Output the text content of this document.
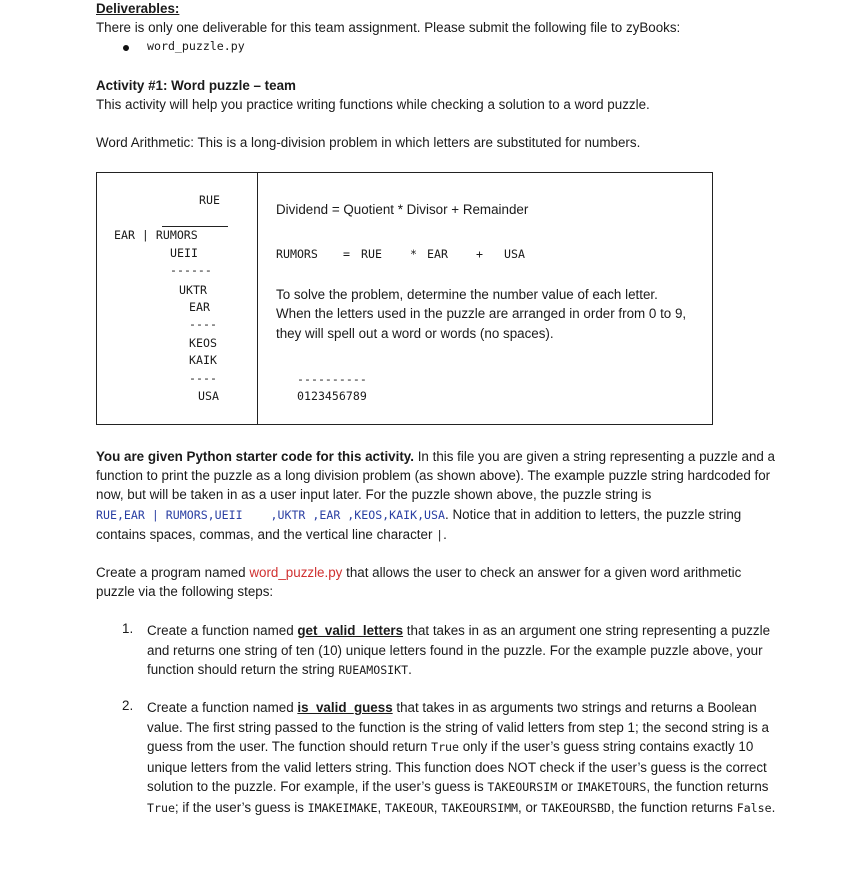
Deliverables:
There is only one deliverable for this team assignment. Please submit the following file to zyBooks:
word_puzzle.py
Activity #1: Word puzzle – team
This activity will help you practice writing functions while checking a solution to a word puzzle.
Word Arithmetic: This is a long-division problem in which letters are substituted for numbers.
RUE
EAR | RUMORS
UEII
------
UKTR
EAR
----
KEOS
KAIK
----
USA
Dividend = Quotient * Divisor + Remainder
RUMORS = RUE * EAR + USA
To solve the problem, determine the number value of each letter. When the letters used in the puzzle are arranged in order from 0 to 9, they will spell out a word or words (no spaces).
----------
0123456789
You are given Python starter code for this activity. In this file you are given a string representing a puzzle and a function to print the puzzle as a long division problem (as shown above). The example puzzle string hardcoded for now, but will be taken in as a user input later. For the puzzle shown above, the puzzle string is RUE,EAR | RUMORS,UEII    ,UKTR ,EAR ,KEOS,KAIK,USA. Notice that in addition to letters, the puzzle string contains spaces, commas, and the vertical line character |.
Create a program named word_puzzle.py that allows the user to check an answer for a given word arithmetic puzzle via the following steps:
1. Create a function named get_valid_letters that takes in as an argument one string representing a puzzle and returns one string of ten (10) unique letters found in the puzzle. For the example puzzle above, your function should return the string RUEAMOSIKT.
2. Create a function named is_valid_guess that takes in as arguments two strings and returns a Boolean value. The first string passed to the function is the string of valid letters from step 1; the second string is a guess from the user. The function should return True only if the user’s guess string contains exactly 10 unique letters from the valid letters string. This function does NOT check if the user’s guess is the correct solution to the puzzle. For example, if the user’s guess is TAKEOURSIM or IMAKETOURS, the function returns True; if the user’s guess is IMAKEIMAKE, TAKEOUR, TAKEOURSIMM, or TAKEOURSBD, the function returns False.
